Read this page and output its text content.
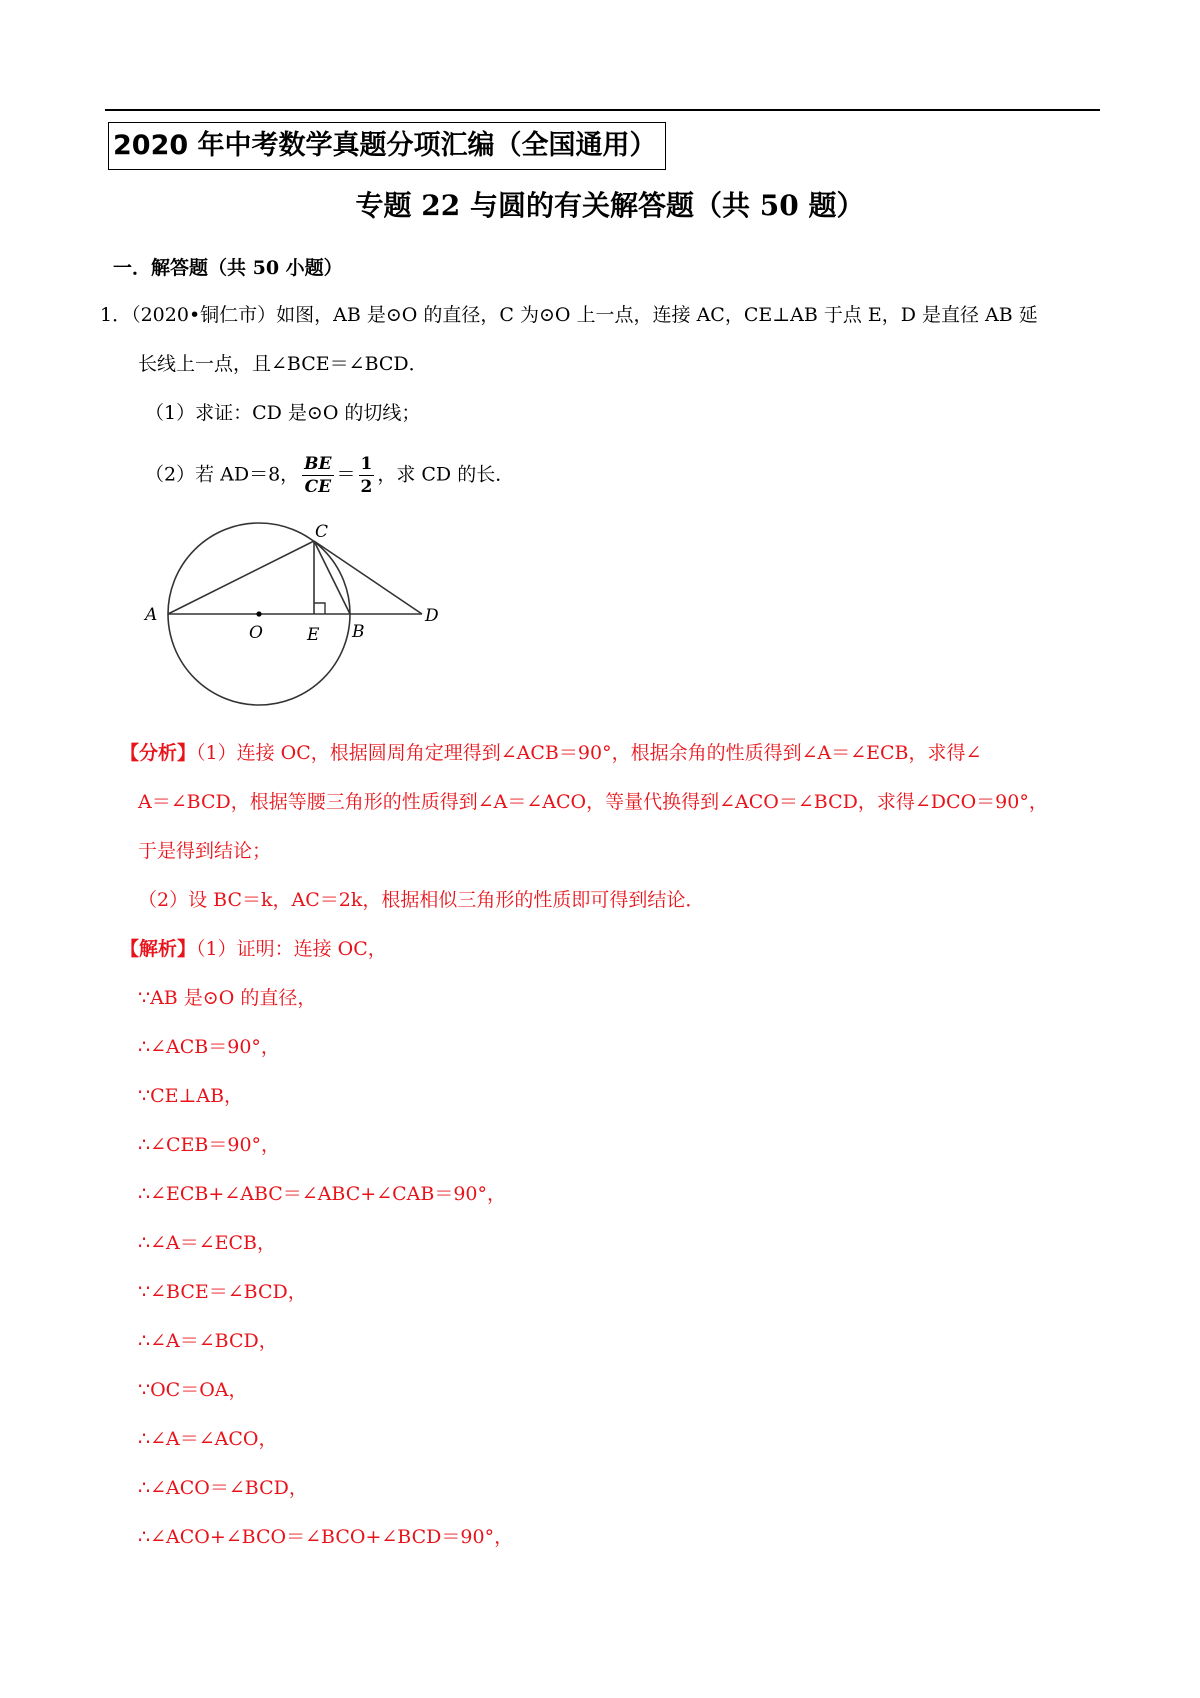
2020 年中考数学真题分项汇编（全国通用）
专题 22 与圆的有关解答题（共 50 题）
一．解答题（共 50 小题）
1．（2020•铜仁市）如图，AB 是⊙O 的直径，C 为⊙O 上一点，连接 AC，CE⊥AB 于点 E，D 是直径 AB 延
长线上一点，且∠BCE＝∠BCD．
（1）求证：CD 是⊙O 的切线；
（2）若 AD＝8， $\frac{BE}{CE} = \frac{1}{2}$ ，求 CD 的长．
A
O	E B
C
D
【分析】（1）连接 OC，根据圆周角定理得到∠ACB＝90°，根据余角的性质得到∠A＝∠ECB，求得∠
A＝∠BCD，根据等腰三角形的性质得到∠A＝∠ACO，等量代换得到∠ACO＝∠BCD，求得∠DCO＝90°，
于是得到结论；
（2）设 BC＝k，AC＝2k，根据相似三角形的性质即可得到结论．
【解析】（1）证明：连接 OC，
∵AB 是⊙O 的直径，
∴∠ACB＝90°，
∵CE⊥AB，
∴∠CEB＝90°，
∴∠ECB+∠ABC＝∠ABC+∠CAB＝90°，
∴∠A＝∠ECB，
∵∠BCE＝∠BCD，
∴∠A＝∠BCD，
∵OC＝OA，
∴∠A＝∠ACO，
∴∠ACO＝∠BCD，
∴∠ACO+∠BCO＝∠BCO+∠BCD＝90°，
